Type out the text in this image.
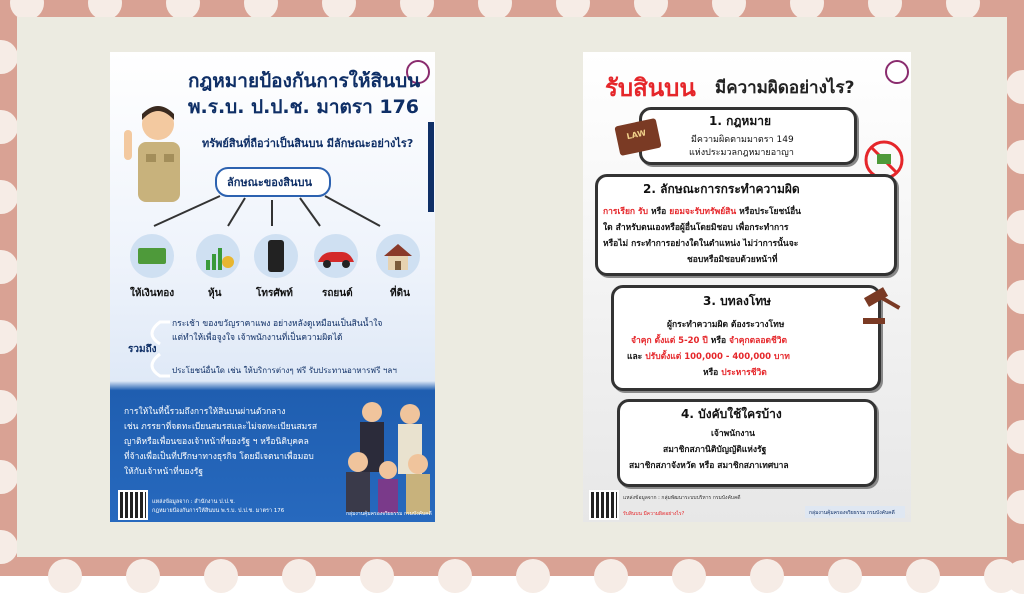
กฎหมายป้องกันการให้สินบน
พ.ร.บ. ป.ป.ช. มาตรา 176
ทรัพย์สินที่ถือว่าเป็นสินบน มีลักษณะอย่างไร?
ลักษณะของสินบน
ให้เงินทอง	หุ้น	โทรศัพท์	รถยนต์	ที่ดิน
รวมถึง
กระเช้า ของขวัญราคาแพง อย่างหลังดูเหมือนเป็นสินน้ำใจ
แต่ทำให้เพื่อจูงใจ เจ้าพนักงานที่เป็นความผิดได้
ประโยชน์อื่นใด เช่น ให้บริการต่างๆ ฟรี รับประทานอาหารฟรี ฯลฯ
แหล่งข้อมูลจาก : สำนักงาน ป.ป.ช.
กฎหมายป้องกันการให้สินบน พ.ร.บ. ป.ป.ช. มาตรา 176	กลุ่มงานคุ้มครองจริยธรรม กรมบังคับคดี
การให้ในที่นี้รวมถึงการให้สินบนผ่านตัวกลาง
เช่น ภรรยาที่จดทะเบียนสมรสและไม่จดทะเบียนสมรส
ญาติหรือเพื่อนของเจ้าหน้าที่ของรัฐ ฯ หรือนิติบุคคล
ที่จ้างเพื่อเป็นที่ปรึกษาทางธุรกิจ โดยมีเจตนาเพื่อมอบ
ให้กับเจ้าหน้าที่ของรัฐ
รับสินบน มีความผิดอย่างไร?
1. กฎหมาย
มีความผิดตามมาตรา 149
แห่งประมวลกฎหมายอาญา
LAW
2. ลักษณะการกระทำความผิด
การเรียก รับ หรือ ยอมจะรับทรัพย์สิน หรือประโยชน์อื่น
ใด สำหรับตนเองหรือผู้อื่นโดยมิชอบ เพื่อกระทำการ
หรือไม่ กระทำการอย่างใดในตำแหน่ง ไม่ว่าการนั้นจะ
ชอบหรือมิชอบด้วยหน้าที่
3. บทลงโทษ
ผู้กระทำความผิด ต้องระวางโทษ
จำคุก ตั้งแต่ 5-20 ปี หรือ จำคุกตลอดชีวิต
และ ปรับตั้งแต่ 100,000 - 400,000 บาท
หรือ ประหารชีวิต
4. บังคับใช้ใครบ้าง
แหล่งข้อมูลจาก : กลุ่มพัฒนาระบบบริหาร กรมบังคับคดี
รับสินบน มีความผิดอย่างไร?	กลุ่มงานคุ้มครองจริยธรรม กรมบังคับคดี
เจ้าพนักงาน
สมาชิกสภานิติบัญญัติแห่งรัฐ
สมาชิกสภาจังหวัด หรือ สมาชิกสภาเทศบาล
